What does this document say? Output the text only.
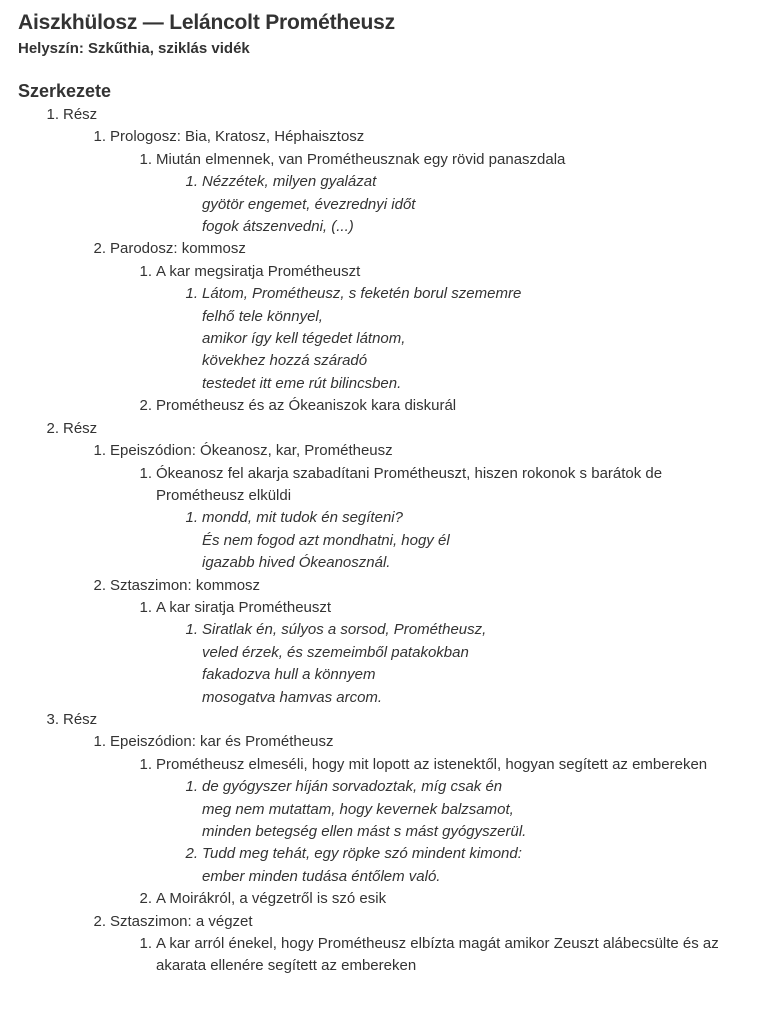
Aiszkhülosz — Leláncolt Prométheusz
Helyszín: Szkűthia, sziklás vidék
Szerkezete
1. Rész
1. Prologosz: Bia, Kratosz, Héphaisztosz
1. Miután elmennek, van Prométheusznak egy rövid panaszdala
1. Nézzétek, milyen gyalázat
gyötör engemet, évezrednyi időt
fogok átszenvedni, (...)
2. Parodosz: kommosz
1. A kar megsiratja Prométheuszt
1. Látom, Prométheusz, s feketén borul szememre
felhő tele könnyel,
amikor így kell tégedet látnom,
kövekhez hozzá száradó
testedet itt eme rút bilincsben.
2. Prométheusz és az Ókeaniszok kara diskurál
2. Rész
1. Epeiszódion: Ókeanosz, kar, Prométheusz
1. Ókeanosz fel akarja szabadítani Prométheuszt, hiszen rokonok s barátok de Prométheusz elküldi
1. mondd, mit tudok én segíteni?
És nem fogod azt mondhatni, hogy él
igazabb hived Ókeanosznál.
2. Sztaszimon: kommosz
1. A kar siratja Prométheuszt
1. Siratlak én, súlyos a sorsod, Prométheusz,
veled érzek, és szemeimből patakokban
fakadozva hull a könnyem
mosogatva hamvas arcom.
3. Rész
1. Epeiszódion: kar és Prométheusz
1. Prométheusz elmeséli, hogy mit lopott az istenektől, hogyan segített az embereken
1. de gyógyszer híján sorvadoztak, míg csak én
meg nem mutattam, hogy kevernek balzsamot,
minden betegség ellen mást s mást gyógyszerül.
2. Tudd meg tehát, egy röpke szó mindent kimond:
ember minden tudása éntőlem való.
2. A Moirákról, a végzetről is szó esik
2. Sztaszimon: a végzet
1. A kar arról énekel, hogy Prométheusz elbízta magát amikor Zeuszt alábecsülte és az akarata ellenére segített az embereken
